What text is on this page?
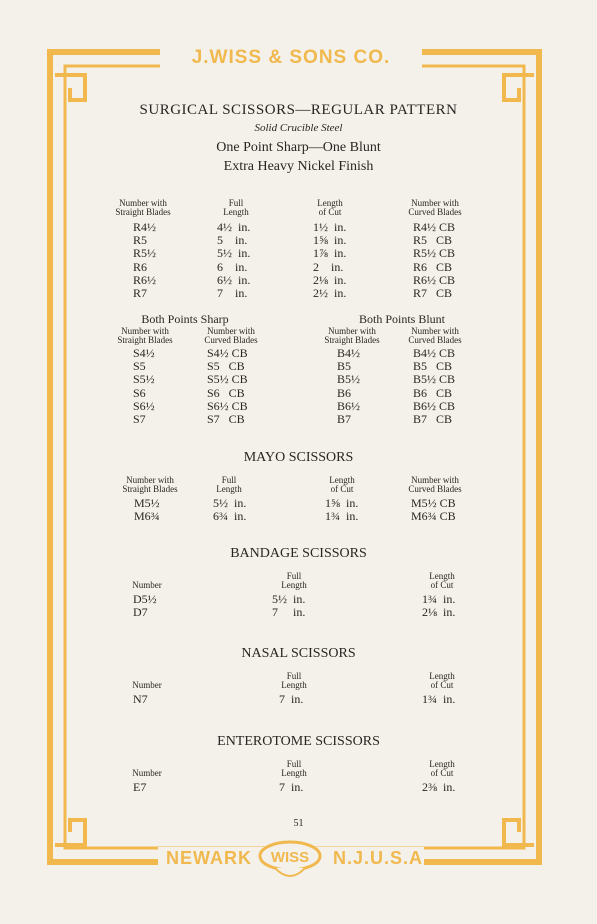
J.WISS & SONS CO.
NEWARK	N.J.U.S.A.
WISS
SURGICAL SCISSORS—REGULAR PATTERN
Solid Crucible Steel
One Point Sharp—One Blunt
Extra Heavy Nickel Finish
Number with
Straight Blades
Full
Length
Length
of Cut
Number with
Curved Blades
R4½	4½  in.	1½  in.	R4½ CB
R5	5    in.	1⅝  in.	R5   CB
R5½	5½  in.	1⅞  in.	R5½ CB
R6	6    in.	2    in.	R6   CB
R6½	6½  in.	2⅛  in.	R6½ CB
R7	7    in.	2½  in.	R7   CB
Both Points Sharp
Number with
Straight Blades
Number with
Curved Blades
S4½	S4½ CB
S5	S5   CB
S5½	S5½ CB
S6	S6   CB
S6½	S6½ CB
S7	S7   CB
Both Points Blunt
Number with
Straight Blades
Number with
Curved Blades
B4½	B4½ CB
B5	B5   CB
B5½	B5½ CB
B6	B6   CB
B6½	B6½ CB
B7	B7   CB
MAYO SCISSORS
Number with
Straight Blades
Full
Length
Length
of Cut
Number with
Curved Blades
M5½	5½  in.	1⅝  in.	M5½ CB
M6¾	6¾  in.	1¾  in.	M6¾ CB
BANDAGE SCISSORS
Number
Full
Length
Length
of Cut
D5½	5½  in.	1¾  in.
D7	7     in.	2⅛  in.
NASAL SCISSORS
Number
Full
Length
Length
of Cut
N7	7  in.	1¾  in.
ENTEROTOME SCISSORS
Number
Full
Length
Length
of Cut
E7	7  in.	2⅜  in.
51
